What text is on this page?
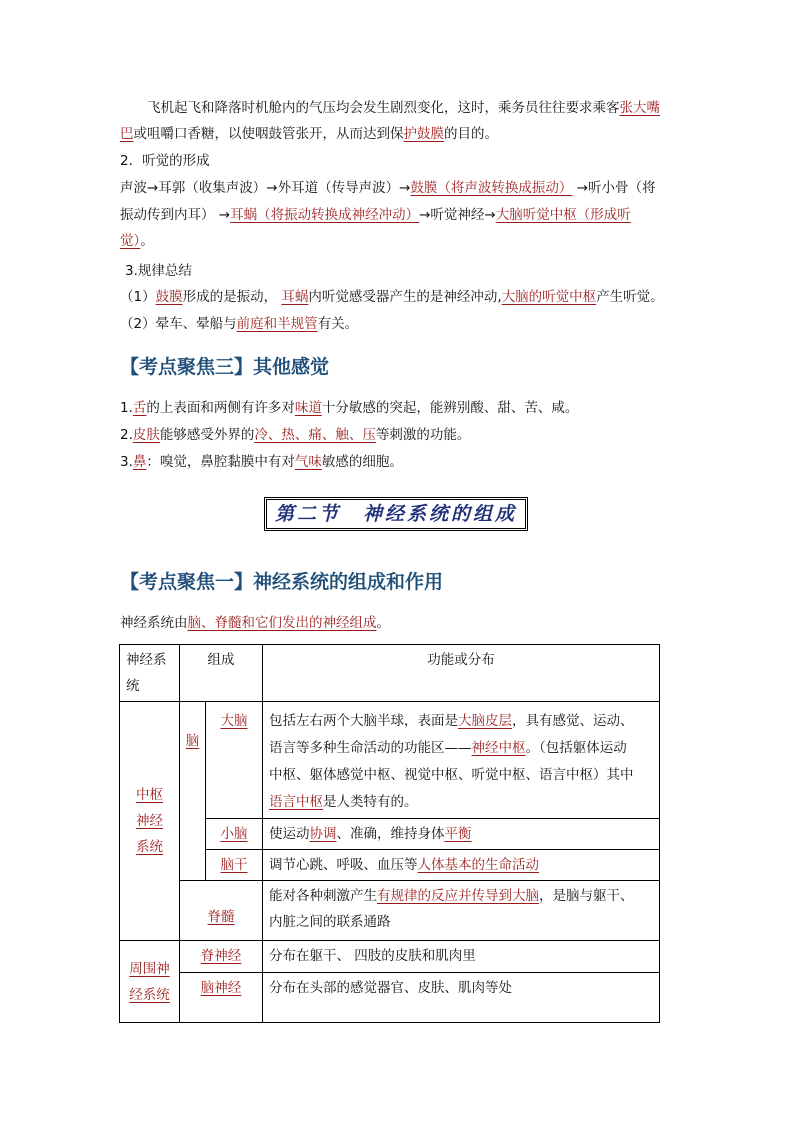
　　飞机起飞和降落时机舱内的气压均会发生剧烈变化，这时，乘务员往往要求乘客张大嘴
巴或咀嚼口香糖，以使咽鼓管张开，从而达到保护鼓膜的目的。
2．听觉的形成
声波→耳郭（收集声波）→外耳道（传导声波）→鼓膜（将声波转换成振动） →听小骨（将
振动传到内耳） →耳蜗（将振动转换成神经冲动）→听觉神经→大脑听觉中枢（形成听
觉）。
3.规律总结
（1）鼓膜形成的是振动， 耳蜗内听觉感受器产生的是神经冲动,大脑的听觉中枢产生听觉。
（2）晕车、晕船与前庭和半规管有关。
【考点聚焦三】其他感觉
1.舌的上表面和两侧有许多对味道十分敏感的突起，能辨别酸、甜、苦、咸。
2.皮肤能够感受外界的冷、热、痛、触、压等刺激的功能。
3.鼻：嗅觉，鼻腔黏膜中有对气味敏感的细胞。
第二节　神经系统的组成
【考点聚焦一】神经系统的组成和作用
神经系统由脑、脊髓和它们发出的神经组成。
神经系
统	组成		功能或分布
中枢
神经
系统	脑	大脑	包括左右两个大脑半球，表面是大脑皮层，具有感觉、运动、
语言等多种生命活动的功能区——神经中枢。（包括躯体运动
中枢、躯体感觉中枢、视觉中枢、听觉中枢、语言中枢）其中
语言中枢是人类特有的。
		小脑	使运动协调、准确，维持身体平衡
		脑干	调节心跳、呼吸、血压等人体基本的生命活动
	脊髓		能对各种刺激产生有规律的反应并传导到大脑，是脑与躯干、
内脏之间的联系通路
周围神
经系统	脊神经		分布在躯干、 四肢的皮肤和肌肉里
	脑神经		分布在头部的感觉器官、皮肤、肌肉等处
